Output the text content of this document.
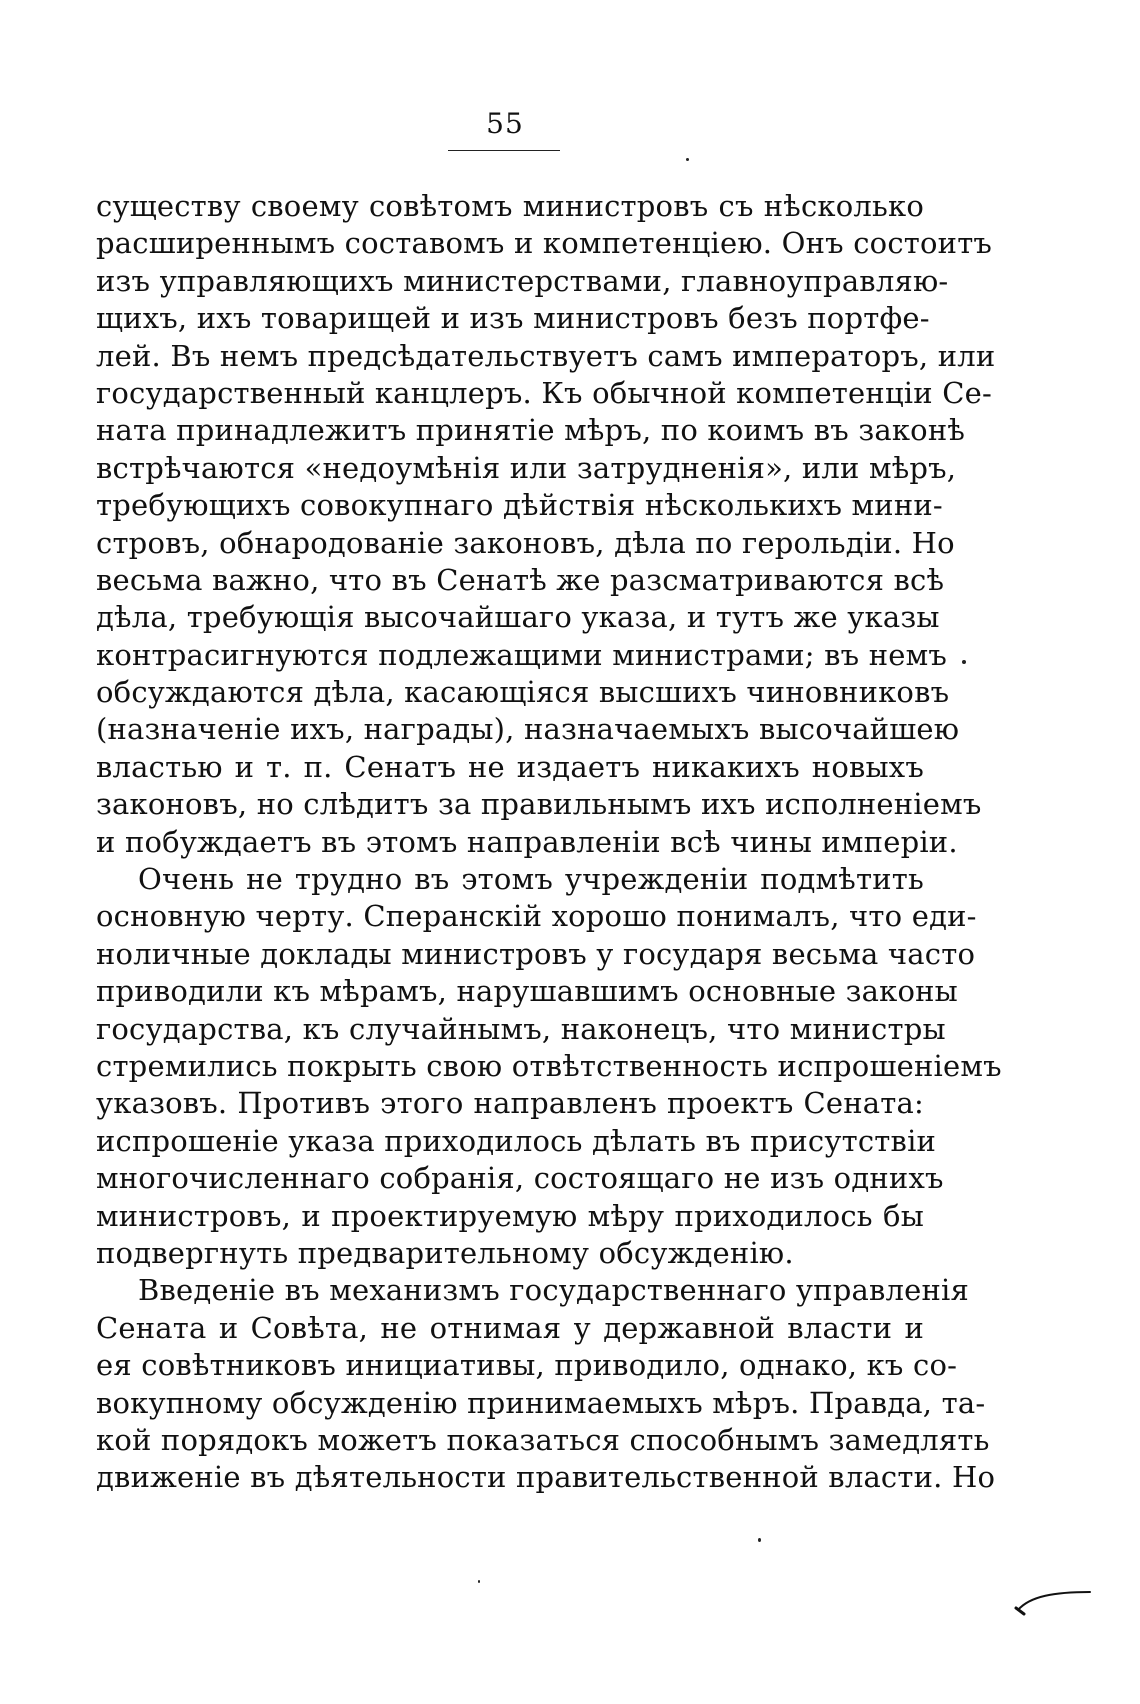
55
существу своему совѣтомъ министровъ съ нѣсколько
расширеннымъ составомъ и компетенціею. Онъ состоитъ
изъ управляющихъ министерствами, главноуправляю-
щихъ, ихъ товарищей и изъ министровъ безъ портфе-
лей. Въ немъ предсѣдательствуетъ самъ императоръ, или
государственный канцлеръ. Къ обычной компетенціи Се-
ната принадлежитъ принятіе мѣръ, по коимъ въ законѣ
встрѣчаются «недоумѣнія или затрудненія», или мѣръ,
требующихъ совокупнаго дѣйствія нѣсколькихъ мини-
стровъ, обнародованіе законовъ, дѣла по герольдіи. Но
весьма важно, что въ Сенатѣ же разсматриваются всѣ
дѣла, требующія высочайшаго указа, и тутъ же указы
контрасигнуются подлежащими министрами; въ немъ
обсуждаются дѣла, касающіяся высшихъ чиновниковъ
(назначеніе ихъ, награды), назначаемыхъ высочайшею
властью и т. п. Сенатъ не издаетъ никакихъ новыхъ
законовъ, но слѣдитъ за правильнымъ ихъ исполненіемъ
и побуждаетъ въ этомъ направленіи всѣ чины имперіи.
Очень не трудно въ этомъ учрежденіи подмѣтить
основную черту. Сперанскій хорошо понималъ, что еди-
ноличные доклады министровъ у государя весьма часто
приводили къ мѣрамъ, нарушавшимъ основные законы
государства, къ случайнымъ, наконецъ, что министры
стремились покрыть свою отвѣтственность испрошеніемъ
указовъ. Противъ этого направленъ проектъ Сената:
испрошеніе указа приходилось дѣлать въ присутствіи
многочисленнаго собранія, состоящаго не изъ однихъ
министровъ, и проектируемую мѣру приходилось бы
подвергнуть предварительному обсужденію.
Введеніе въ механизмъ государственнаго управленія
Сената и Совѣта, не отнимая у державной власти и
ея совѣтниковъ инициативы, приводило, однако, къ со-
вокупному обсужденію принимаемыхъ мѣръ. Правда, та-
кой порядокъ можетъ показаться способнымъ замедлять
движеніе въ дѣятельности правительственной власти. Но
